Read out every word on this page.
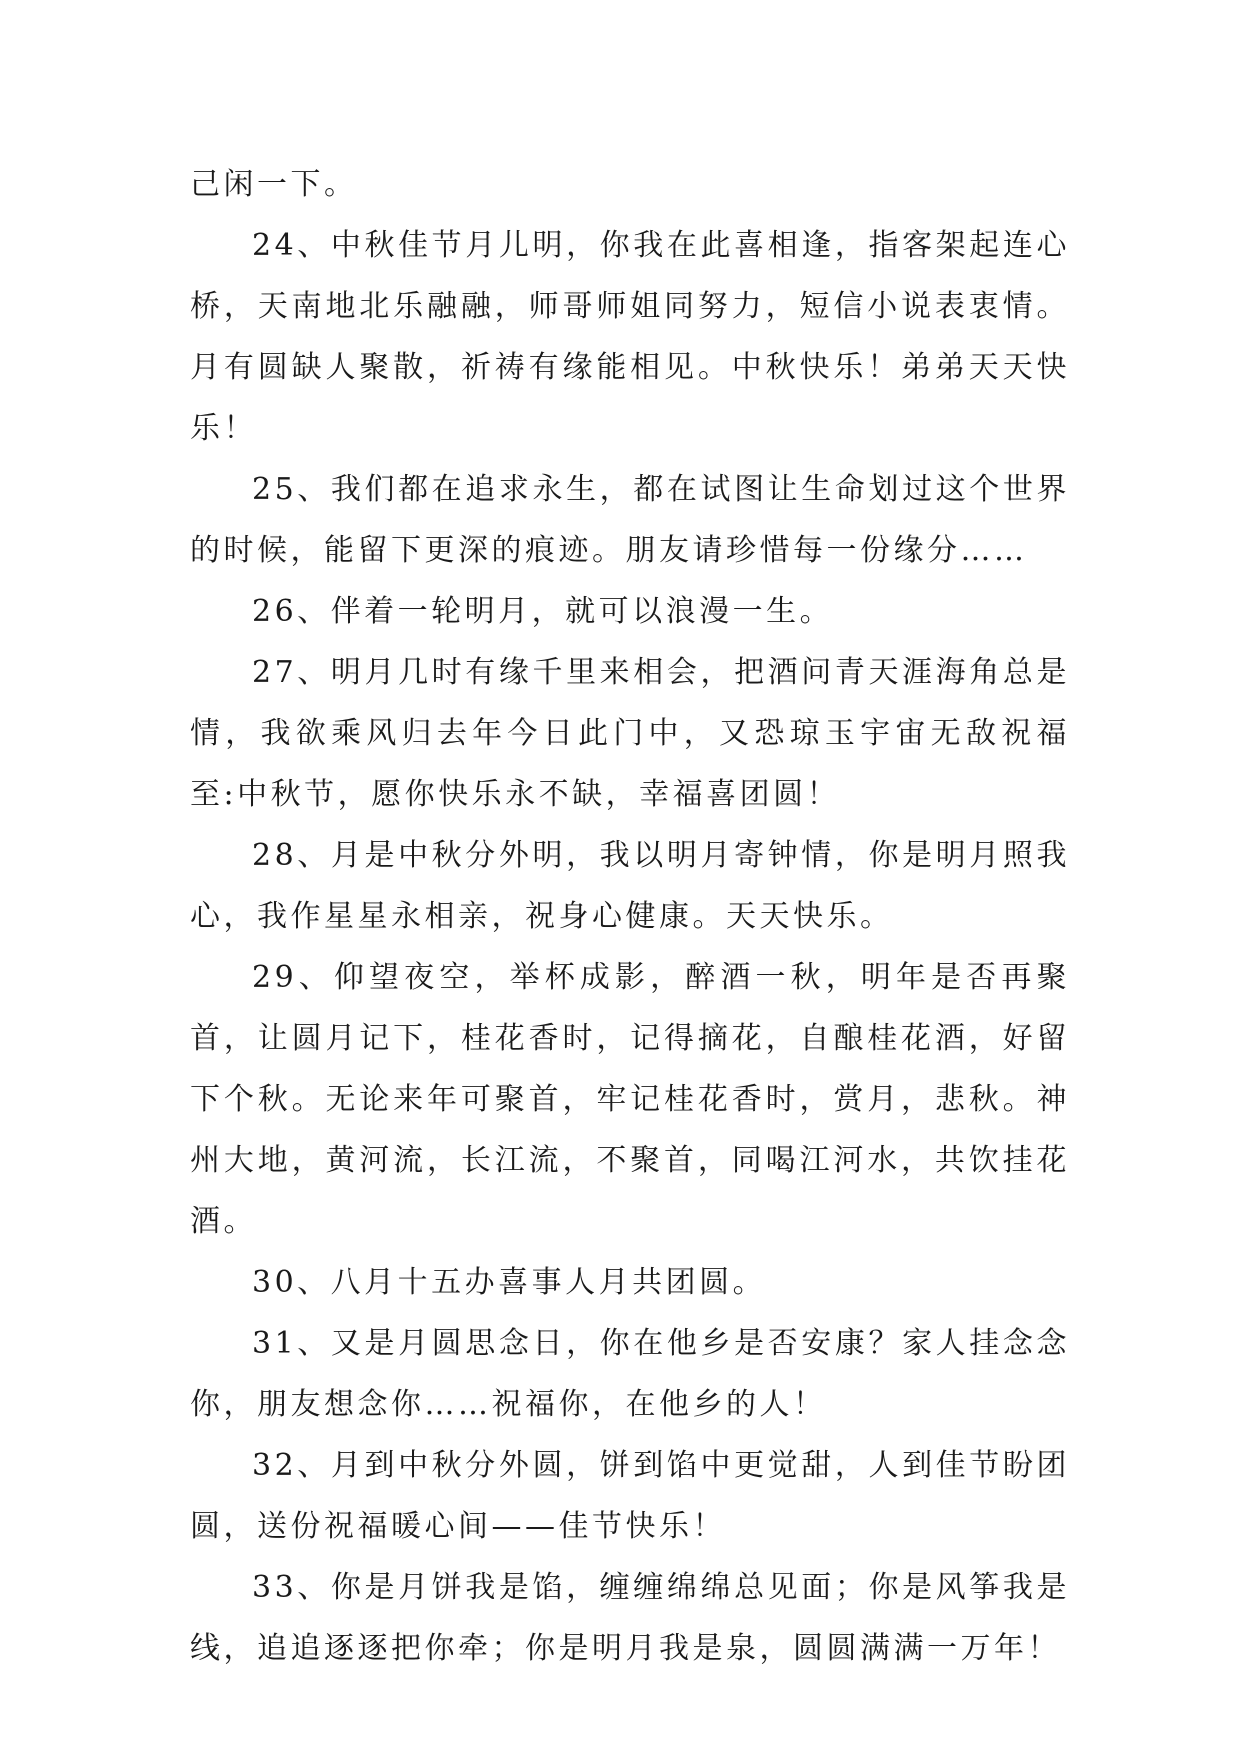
己闲一下。

24、中秋佳节月儿明，你我在此喜相逢，指客架起连心桥，天南地北乐融融，师哥师姐同努力，短信小说表衷情。月有圆缺人聚散，祈祷有缘能相见。中秋快乐！弟弟天天快乐！

25、我们都在追求永生，都在试图让生命划过这个世界的时候，能留下更深的痕迹。朋友请珍惜每一份缘分……

26、伴着一轮明月，就可以浪漫一生。

27、明月几时有缘千里来相会，把酒问青天涯海角总是情，我欲乘风归去年今日此门中，又恐琼玉宇宙无敌祝福至:中秋节，愿你快乐永不缺，幸福喜团圆！

28、月是中秋分外明，我以明月寄钟情，你是明月照我心，我作星星永相亲，祝身心健康。天天快乐。

29、仰望夜空，举杯成影，醉酒一秋，明年是否再聚首，让圆月记下，桂花香时，记得摘花，自酿桂花酒，好留下个秋。无论来年可聚首，牢记桂花香时，赏月，悲秋。神州大地，黄河流，长江流，不聚首，同喝江河水，共饮挂花酒。

30、八月十五办喜事人月共团圆。

31、又是月圆思念日，你在他乡是否安康？家人挂念念你，朋友想念你……祝福你，在他乡的人！

32、月到中秋分外圆，饼到馅中更觉甜，人到佳节盼团圆，送份祝福暖心间——佳节快乐！

33、你是月饼我是馅，缠缠绵绵总见面；你是风筝我是线，追追逐逐把你牵；你是明月我是泉，圆圆满满一万年！
